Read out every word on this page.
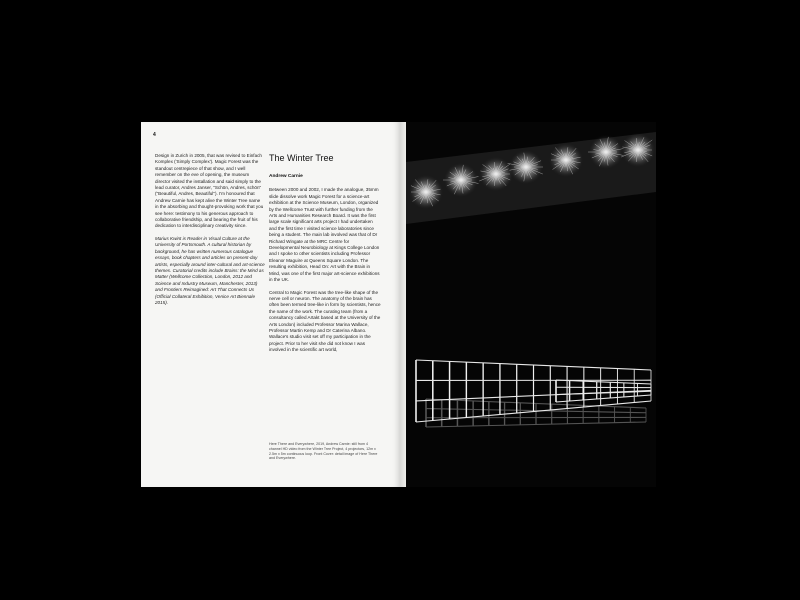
4

Design in Zurich in 2005, that was revised to Einfach Komplex ('Simply Complex'). Magic Forest was the standout centrepiece of that show, and I well remember on the eve of opening, the museum director visited the installation and said simply to the lead curator, Andres Janser, "Schön, Andres, schön" ("Beautiful, Andres, Beautiful"). I'm honoured that Andrew Carnie has kept alive the Winter Tree name in the absorbing and thought-provoking work that you see here: testimony to his generous approach to collaborative friendship, and bearing the fruit of his dedication to interdisciplinary creativity since.

Marius Kwint is Reader in Visual Culture at the University of Portsmouth. A cultural historian by background, he has written numerous catalogue essays, book chapters and articles on present-day artists, especially around inter-cultural and art-science themes. Curatorial credits include Brains: the Mind as Matter (Wellcome Collection, London, 2012 and Science and Industry Museum, Manchester, 2013) and Frontiers Reimagined: Art That Connects Us (Official Collateral Exhibition, Venice Art Biennale 2015).

The Winter Tree
Andrew Carnie

Between 2000 and 2002, I made the analogue, 35mm slide dissolve work Magic Forest for a science-art exhibition at the Science Museum, London, organized by the Wellcome Trust with further funding from the Arts and Humanities Research Board. It was the first large scale significant arts project I had undertaken and the first time I visited science laboratories since being a student. The main lab involved was that of Dr Richard Wingate at the MRC Centre for Developmental Neurobiology at Kings College London and I spoke to other scientists including Professor Eleanor Maguire at Queens Square London. The resulting exhibition, Head On: Art with the Brain in Mind, was one of the first major art-science exhibitions in the UK.

Central to Magic Forest was the tree-like shape of the nerve cell or neuron. The anatomy of the brain has often been termed tree-like in form by scientists, hence the name of the work. The curating team (from a consultancy called Artakt based at the University of the Arts London) included Professor Marina Wallace, Professor Martin Kemp and Dr Caterina Albano. Wallace's studio visit set off my participation in the project. Prior to her visit she did not know I was involved in the scientific art world,

Here There and Everywhere, 2019, Andrew Carnie: still from 4 channel HD video from the Winter Tree Project, 4 projectors, 12m x 2.5m x 5m continuous loop. Front Cover: detail image of Here There and Everywhere.
